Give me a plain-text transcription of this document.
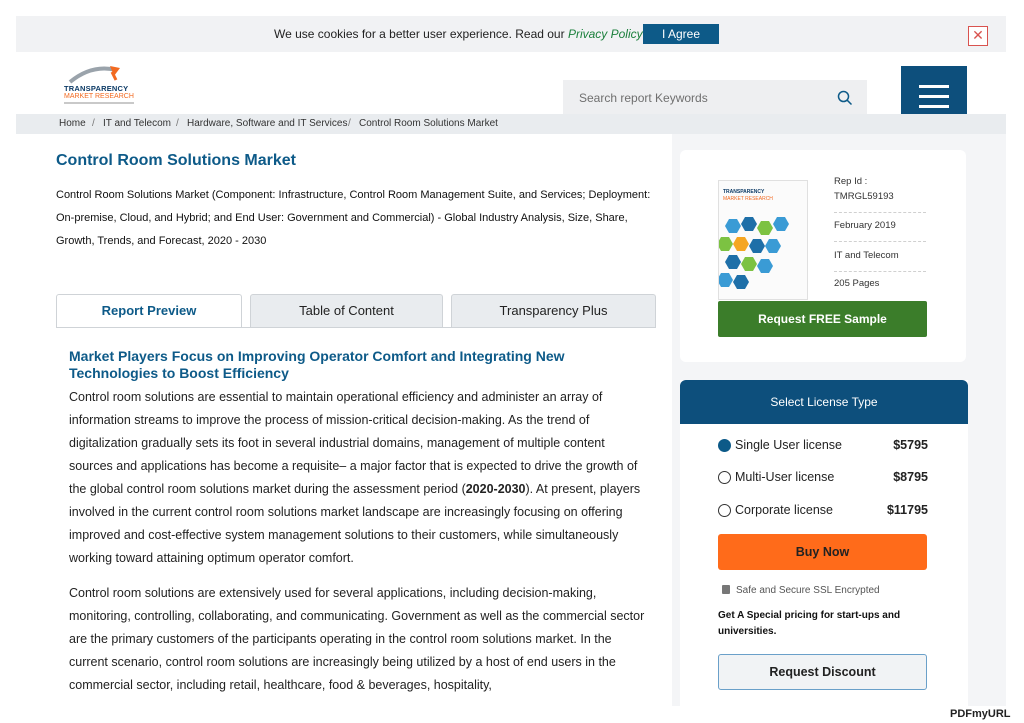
We use cookies for a better user experience. Read our Privacy Policy	I Agree	✕
TRANSPARENCY
MARKET RESEARCH
Search report Keywords
Home / IT and Telecom / Hardware, Software and IT Services / Control Room Solutions Market
Control Room Solutions Market

Control Room Solutions Market (Component: Infrastructure, Control Room Management Suite, and Services; Deployment: On-premise, Cloud, and Hybrid; and End User: Government and Commercial) - Global Industry Analysis, Size, Share, Growth, Trends, and Forecast, 2020 - 2030

Report Preview	Table of Content	Transparency Plus
Market Players Focus on Improving Operator Comfort and Integrating New Technologies to Boost Efficiency

Control room solutions are essential to maintain operational efficiency and administer an array of information streams to improve the process of mission-critical decision-making. As the trend of digitalization gradually sets its foot in several industrial domains, management of multiple content sources and applications has become a requisite– a major factor that is expected to drive the growth of the global control room solutions market during the assessment period (2020-2030). At present, players involved in the current control room solutions market landscape are increasingly focusing on offering improved and cost-effective system management solutions to their customers, while simultaneously working toward attaining optimum operator comfort.

Control room solutions are extensively used for several applications, including decision-making, monitoring, controlling, collaborating, and communicating. Government as well as the commercial sector are the primary customers of the participants operating in the control room solutions market. In the current scenario, control room solutions are increasingly being utilized by a host of end users in the commercial sector, including retail, healthcare, food & beverages, hospitality,

TRANSPARENCY
MARKET RESEARCH
Rep Id :
TMRGL59193
February 2019
IT and Telecom
205 Pages
Request FREE Sample
Select License Type
Single User license	$5795
Multi-User license	$8795
Corporate license	$11795
Buy Now
Safe and Secure SSL Encrypted
Get A Special pricing for start-ups and universities.
Request Discount
PDFmyURL
